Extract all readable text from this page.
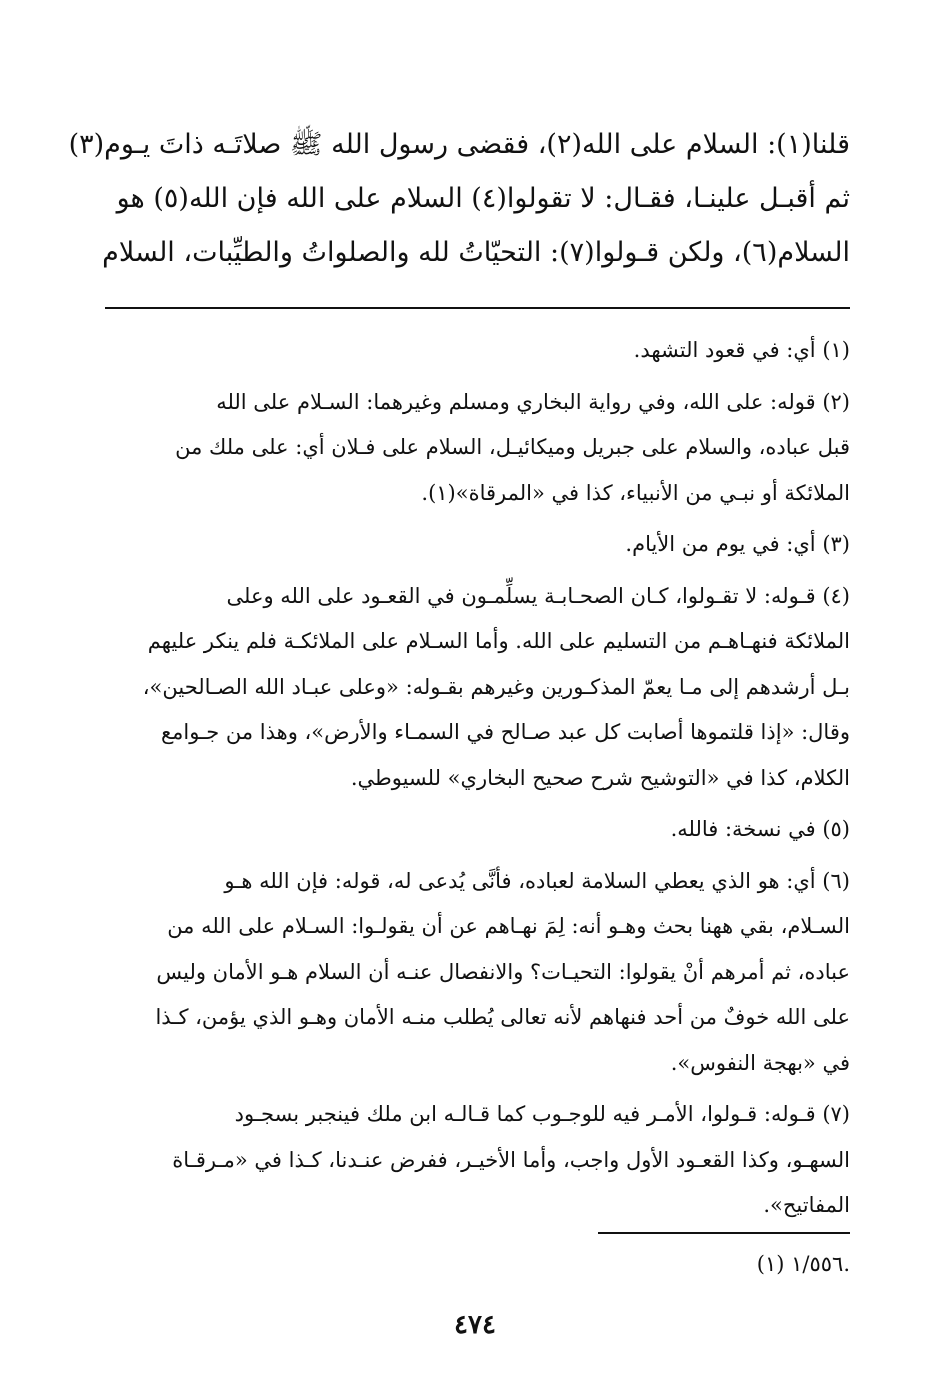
قلنا(١): السلام على الله(٢)، فقضى رسول الله ﷺ صلاتَـه ذاتَ يـوم(٣)
ثم أقبـل علينـا، فقـال: لا تقولوا(٤) السلام على الله فإن الله(٥) هو
السلام(٦)، ولكن قـولوا(٧): التحيّاتُ لله والصلواتُ والطيِّبات، السلام
(١) أي: في قعود التشهد.
(٢) قوله: على الله، وفي رواية البخاري ومسلم وغيرهما: السـلام على الله
قبل عباده، والسلام على جبريل وميكائيـل، السلام على فـلان أي: على ملك من
الملائكة أو نبـي من الأنبياء، كذا في «المرقاة»(١).
(٣) أي: في يوم من الأيام.
(٤) قـوله: لا تقـولوا، كـان الصحـابـة يسلِّمـون في القعـود على الله وعلى
الملائكة فنهـاهـم من التسليم على الله. وأما السـلام على الملائكـة فلم ينكر عليهم
بـل أرشدهم إلى مـا يعمّ المذكـورين وغيرهم بقـوله: «وعلى عبـاد الله الصـالحين»،
وقال: «إذا قلتموها أصابت كل عبد صـالح في السمـاء والأرض»، وهذا من جـوامع
الكلام، كذا في «التوشيح شرح صحيح البخاري» للسيوطي.
(٥) في نسخة: فالله.
(٦) أي: هو الذي يعطي السلامة لعباده، فأنَّى يُدعى له، قوله: فإن الله هـو
السـلام، بقي ههنا بحث وهـو أنه: لِمَ نهـاهم عن أن يقولـوا: السـلام على الله من
عباده، ثم أمرهم أنْ يقولوا: التحيـات؟ والانفصال عنـه أن السلام هـو الأمان وليس
على الله خوفٌ من أحد فنهاهم لأنه تعالى يُطلب منـه الأمان وهـو الذي يؤمن، كـذا
في «بهجة النفوس».
(٧) قـوله: قـولوا، الأمـر فيه للوجـوب كما قـالـه ابن ملك فينجبر بسجـود
السهـو، وكذا القعـود الأول واجب، وأما الأخيـر، ففرض عنـدنا، كـذا في «مـرقـاة
المفاتيح».
(١) ١/٥٥٦.
٤٧٤
